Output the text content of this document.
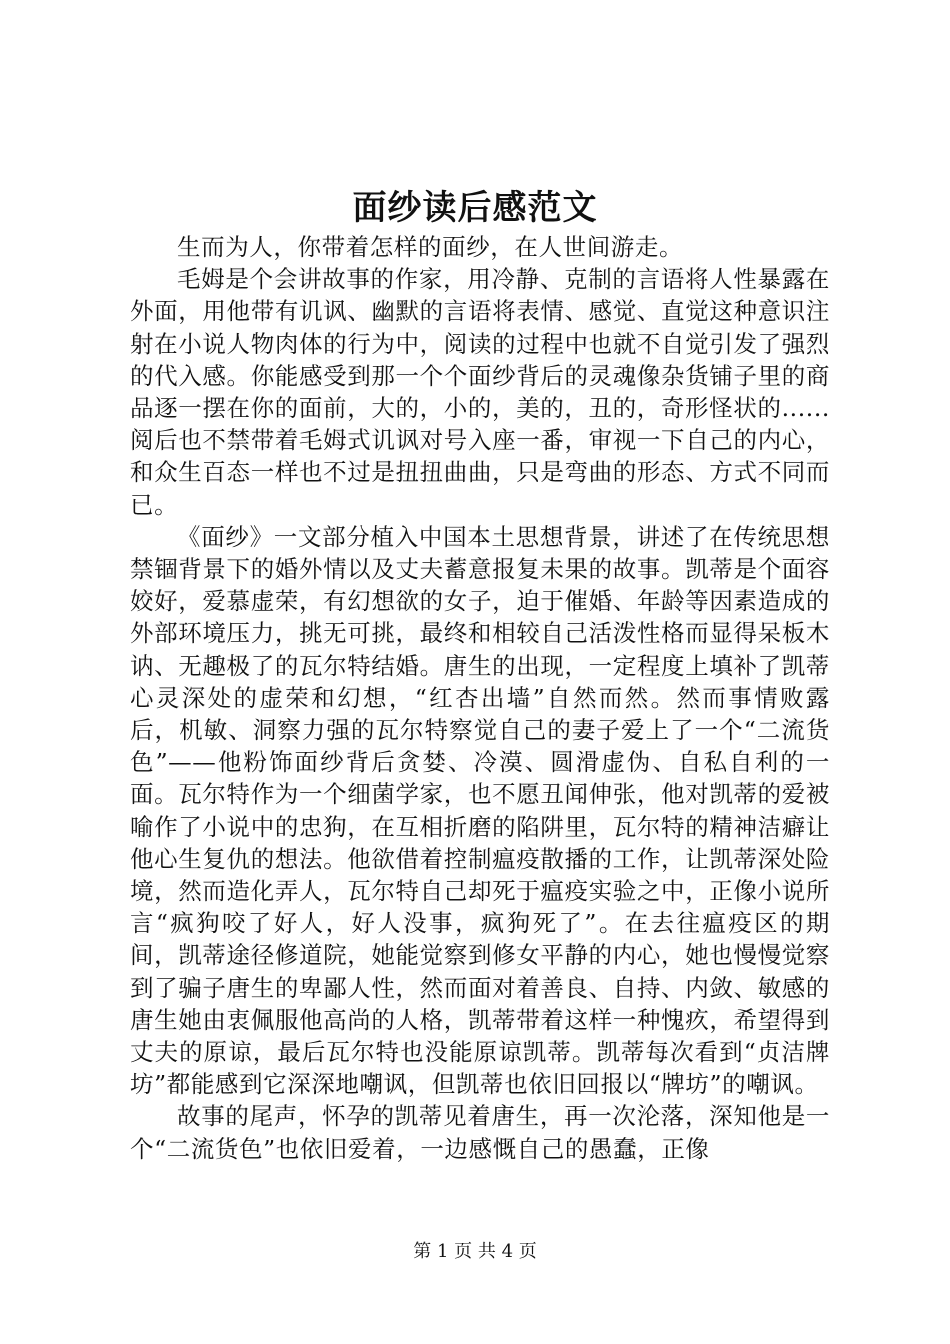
面纱读后感范文

生而为人，你带着怎样的面纱，在人世间游走。

毛姆是个会讲故事的作家，用冷静、克制的言语将人性暴露在外面，用他带有讥讽、幽默的言语将表情、感觉、直觉这种意识注射在小说人物肉体的行为中，阅读的过程中也就不自觉引发了强烈的代入感。你能感受到那一个个面纱背后的灵魂像杂货铺子里的商品逐一摆在你的面前，大的，小的，美的，丑的，奇形怪状的......阅后也不禁带着毛姆式讥讽对号入座一番，审视一下自己的内心，和众生百态一样也不过是扭扭曲曲，只是弯曲的形态、方式不同而已。

《面纱》一文部分植入中国本土思想背景，讲述了在传统思想禁锢背景下的婚外情以及丈夫蓄意报复未果的故事。凯蒂是个面容姣好，爱慕虚荣，有幻想欲的女子，迫于催婚、年龄等因素造成的外部环境压力，挑无可挑，最终和相较自己活泼性格而显得呆板木讷、无趣极了的瓦尔特结婚。唐生的出现，一定程度上填补了凯蒂心灵深处的虚荣和幻想，“红杏出墙”自然而然。然而事情败露后，机敏、洞察力强的瓦尔特察觉自己的妻子爱上了一个“二流货色”——他粉饰面纱背后贪婪、冷漠、圆滑虚伪、自私自利的一面。瓦尔特作为一个细菌学家，也不愿丑闻伸张，他对凯蒂的爱被喻作了小说中的忠狗，在互相折磨的陷阱里，瓦尔特的精神洁癖让他心生复仇的想法。他欲借着控制瘟疫散播的工作，让凯蒂深处险境，然而造化弄人，瓦尔特自己却死于瘟疫实验之中，正像小说所言“疯狗咬了好人，好人没事，疯狗死了”。在去往瘟疫区的期间，凯蒂途径修道院，她能觉察到修女平静的内心，她也慢慢觉察到了骗子唐生的卑鄙人性，然而面对着善良、自持、内敛、敏感的唐生她由衷佩服他高尚的人格，凯蒂带着这样一种愧疚，希望得到丈夫的原谅，最后瓦尔特也没能原谅凯蒂。凯蒂每次看到“贞洁牌坊”都能感到它深深地嘲讽，但凯蒂也依旧回报以“牌坊”的嘲讽。

故事的尾声，怀孕的凯蒂见着唐生，再一次沦落，深知他是一个“二流货色”也依旧爱着，一边感慨自己的愚蠢，正像

第 1 页 共 4 页
